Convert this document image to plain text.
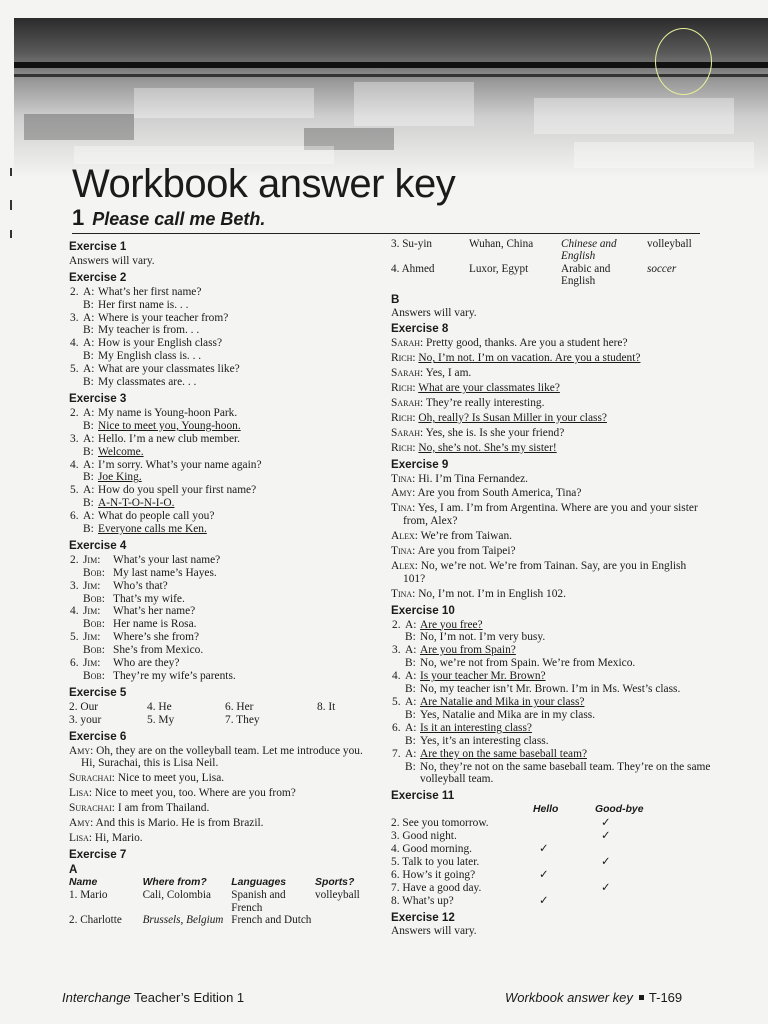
Workbook answer key
1 Please call me Beth.
Exercise 1

Answers will vary.

Exercise 2
2. A: What’s her first name?
B: Her first name is. . .
3. A: Where is your teacher from?
B: My teacher is from. . .
4. A: How is your English class?
B: My English class is. . .
5. A: What are your classmates like?
B: My classmates are. . .
Exercise 3
2. A: My name is Young-hoon Park.
B: Nice to meet you, Young-hoon.
3. A: Hello. I’m a new club member.
B: Welcome.
4. A: I’m sorry. What’s your name again?
B: Joe King.
5. A: How do you spell your first name?
B: A-N-T-O-N-I-O.
6. A: What do people call you?
B: Everyone calls me Ken.
Exercise 4
2. Jim:	What’s your last name?
Bob: My last name’s Hayes.
3. Jim:	Who’s that?
Bob: That’s my wife.
4. Jim:	What’s her name?
Bob: Her name is Rosa.
5. Jim:	Where’s she from?
Bob: She’s from Mexico.
6. Jim:	Who are they?
Bob: They’re my wife’s parents.
Exercise 5
2. Our	4. He	6. Her	8. It
3. your	5. My	7. They
Exercise 6

Amy: Oh, they are on the volleyball team. Let me introduce you. Hi, Surachai, this is Lisa Neil.

Surachai: Nice to meet you, Lisa.

Lisa: Nice to meet you, too. Where are you from?

Surachai: I am from Thailand.

Amy: And this is Mario. He is from Brazil.

Lisa: Hi, Mario.

Exercise 7
A
Name	Where from?	Languages	Sports?
1. Mario	Cali, Colombia	Spanish and French	volleyball
2. Charlotte	Brussels, Belgium	French and Dutch	
3. Su-yin	Wuhan, China	Chinese and English	volleyball
4. Ahmed	Luxor, Egypt	Arabic and English	soccer
B

Answers will vary.

Exercise 8

Sarah: Pretty good, thanks. Are you a student here?

Rich: No, I’m not. I’m on vacation. Are you a student?

Sarah: Yes, I am.

Rich: What are your classmates like?

Sarah: They’re really interesting.

Rich: Oh, really? Is Susan Miller in your class?

Sarah: Yes, she is. Is she your friend?

Rich: No, she’s not. She’s my sister!

Exercise 9

Tina: Hi. I’m Tina Fernandez.

Amy: Are you from South America, Tina?

Tina: Yes, I am. I’m from Argentina. Where are you and your sister from, Alex?

Alex: We’re from Taiwan.

Tina: Are you from Taipei?

Alex: No, we’re not. We’re from Tainan. Say, are you in English 101?

Tina: No, I’m not. I’m in English 102.

Exercise 10
2. A: Are you free?
B: No, I’m not. I’m very busy.
3. A: Are you from Spain?
B: No, we’re not from Spain. We’re from Mexico.
4. A: Is your teacher Mr. Brown?
B: No, my teacher isn’t Mr. Brown. I’m in Ms. West’s class.
5. A: Are Natalie and Mika in your class?
B: Yes, Natalie and Mika are in my class.
6. A: Is it an interesting class?
B: Yes, it’s an interesting class.
7. A: Are they on the same baseball team?
B: No, they’re not on the same baseball team. They’re on the same volleyball team.
Exercise 11
	Hello	Good-bye
2. See you tomorrow.		✓
3. Good night.		✓
4. Good morning.	✓	
5. Talk to you later.		✓
6. How’s it going?	✓	
7. Have a good day.		✓
8. What’s up?	✓	
Exercise 12

Answers will vary.

Interchange Teacher’s Edition 1	Workbook answer key T-169
